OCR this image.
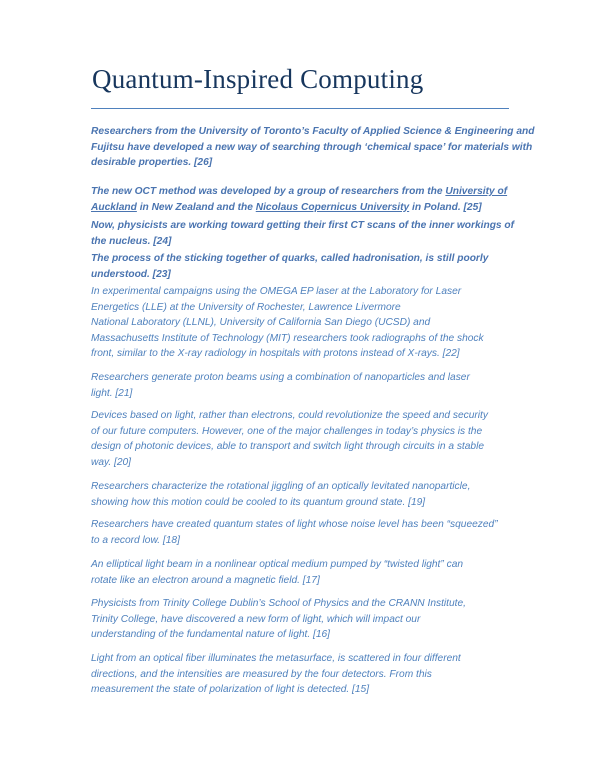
Quantum-Inspired Computing
Researchers from the University of Toronto’s Faculty of Applied Science & Engineering and
Fujitsu have developed a new way of searching through ‘chemical space’ for materials with
desirable properties. [26]
The new OCT method was developed by a group of researchers from the University of
Auckland in New Zealand and the Nicolaus Copernicus University in Poland. [25]
Now, physicists are working toward getting their first CT scans of the inner workings of
the nucleus. [24]
The process of the sticking together of quarks, called hadronisation, is still poorly
understood. [23]
In experimental campaigns using the OMEGA EP laser at the Laboratory for Laser
Energetics (LLE) at the University of Rochester, Lawrence Livermore
National Laboratory (LLNL), University of California San Diego (UCSD) and
Massachusetts Institute of Technology (MIT) researchers took radiographs of the shock
front, similar to the X-ray radiology in hospitals with protons instead of X-rays. [22]
Researchers generate proton beams using a combination of nanoparticles and laser
light. [21]
Devices based on light, rather than electrons, could revolutionize the speed and security
of our future computers. However, one of the major challenges in today’s physics is the
design of photonic devices, able to transport and switch light through circuits in a stable
way. [20]
Researchers characterize the rotational jiggling of an optically levitated nanoparticle,
showing how this motion could be cooled to its quantum ground state. [19]
Researchers have created quantum states of light whose noise level has been “squeezed”
to a record low. [18]
An elliptical light beam in a nonlinear optical medium pumped by “twisted light” can
rotate like an electron around a magnetic field. [17]
Physicists from Trinity College Dublin’s School of Physics and the CRANN Institute,
Trinity College, have discovered a new form of light, which will impact our
understanding of the fundamental nature of light. [16]
Light from an optical fiber illuminates the metasurface, is scattered in four different
directions, and the intensities are measured by the four detectors. From this
measurement the state of polarization of light is detected. [15]
